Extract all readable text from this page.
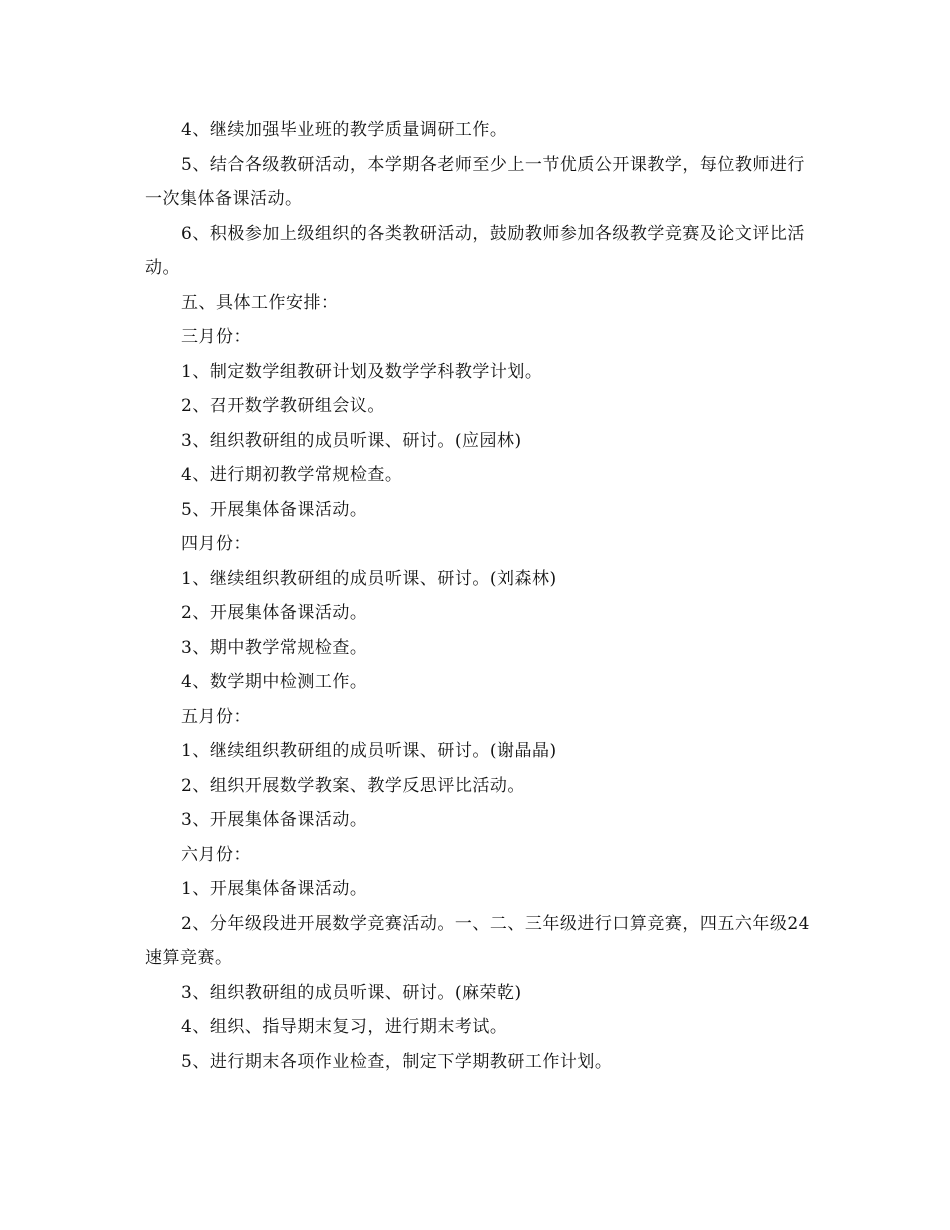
4、继续加强毕业班的教学质量调研工作。

5、结合各级教研活动，本学期各老师至少上一节优质公开课教学，每位教师进行一次集体备课活动。

6、积极参加上级组织的各类教研活动，鼓励教师参加各级教学竞赛及论文评比活动。

五、具体工作安排：

三月份：

1、制定数学组教研计划及数学学科教学计划。

2、召开数学教研组会议。

3、组织教研组的成员听课、研讨。(应园林)

4、进行期初教学常规检查。

5、开展集体备课活动。

四月份：

1、继续组织教研组的成员听课、研讨。(刘森林)

2、开展集体备课活动。

3、期中教学常规检查。

4、数学期中检测工作。

五月份：

1、继续组织教研组的成员听课、研讨。(谢晶晶)

2、组织开展数学教案、教学反思评比活动。

3、开展集体备课活动。

六月份：

1、开展集体备课活动。

2、分年级段进开展数学竞赛活动。一、二、三年级进行口算竞赛，四五六年级24速算竞赛。

3、组织教研组的成员听课、研讨。(麻荣乾)

4、组织、指导期末复习，进行期末考试。

5、进行期末各项作业检查，制定下学期教研工作计划。
